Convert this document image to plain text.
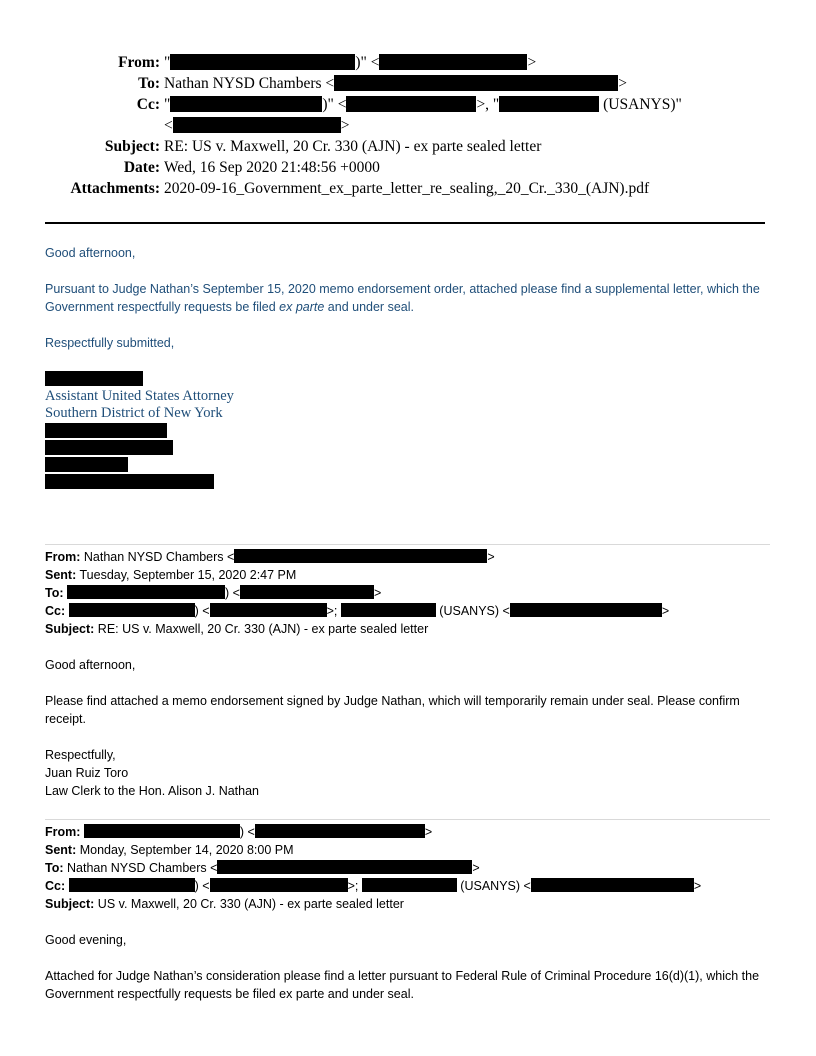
From: "	)" <	>
To: Nathan NYSD Chambers <	>
Cc: "	)" <	>, "	(USANYS)"
<	>
Subject: RE: US v. Maxwell, 20 Cr. 330 (AJN) - ex parte sealed letter
Date: Wed, 16 Sep 2020 21:48:56 +0000
Attachments: 2020-09-16_Government_ex_parte_letter_re_sealing,_20_Cr._330_(AJN).pdf
Good afternoon,
Pursuant to Judge Nathan’s September 15, 2020 memo endorsement order, attached please find a supplemental letter, which the Government respectfully requests be filed ex parte and under seal.
Respectfully submitted,
Assistant United States Attorney
Southern District of New York
From: Nathan NYSD Chambers <	>
Sent: Tuesday, September 15, 2020 2:47 PM
To:	) <	>
Cc:	) <	>;	(USANYS) <	>
Subject: RE: US v. Maxwell, 20 Cr. 330 (AJN) - ex parte sealed letter
Good afternoon,
Please find attached a memo endorsement signed by Judge Nathan, which will temporarily remain under seal. Please confirm receipt.
Respectfully,
Juan Ruiz Toro
Law Clerk to the Hon. Alison J. Nathan
From:	) <	>
Sent: Monday, September 14, 2020 8:00 PM
To: Nathan NYSD Chambers <	>
Cc:	) <	>;	(USANYS) <	>
Subject: US v. Maxwell, 20 Cr. 330 (AJN) - ex parte sealed letter
Good evening,
Attached for Judge Nathan’s consideration please find a letter pursuant to Federal Rule of Criminal Procedure 16(d)(1), which the Government respectfully requests be filed ex parte and under seal.
